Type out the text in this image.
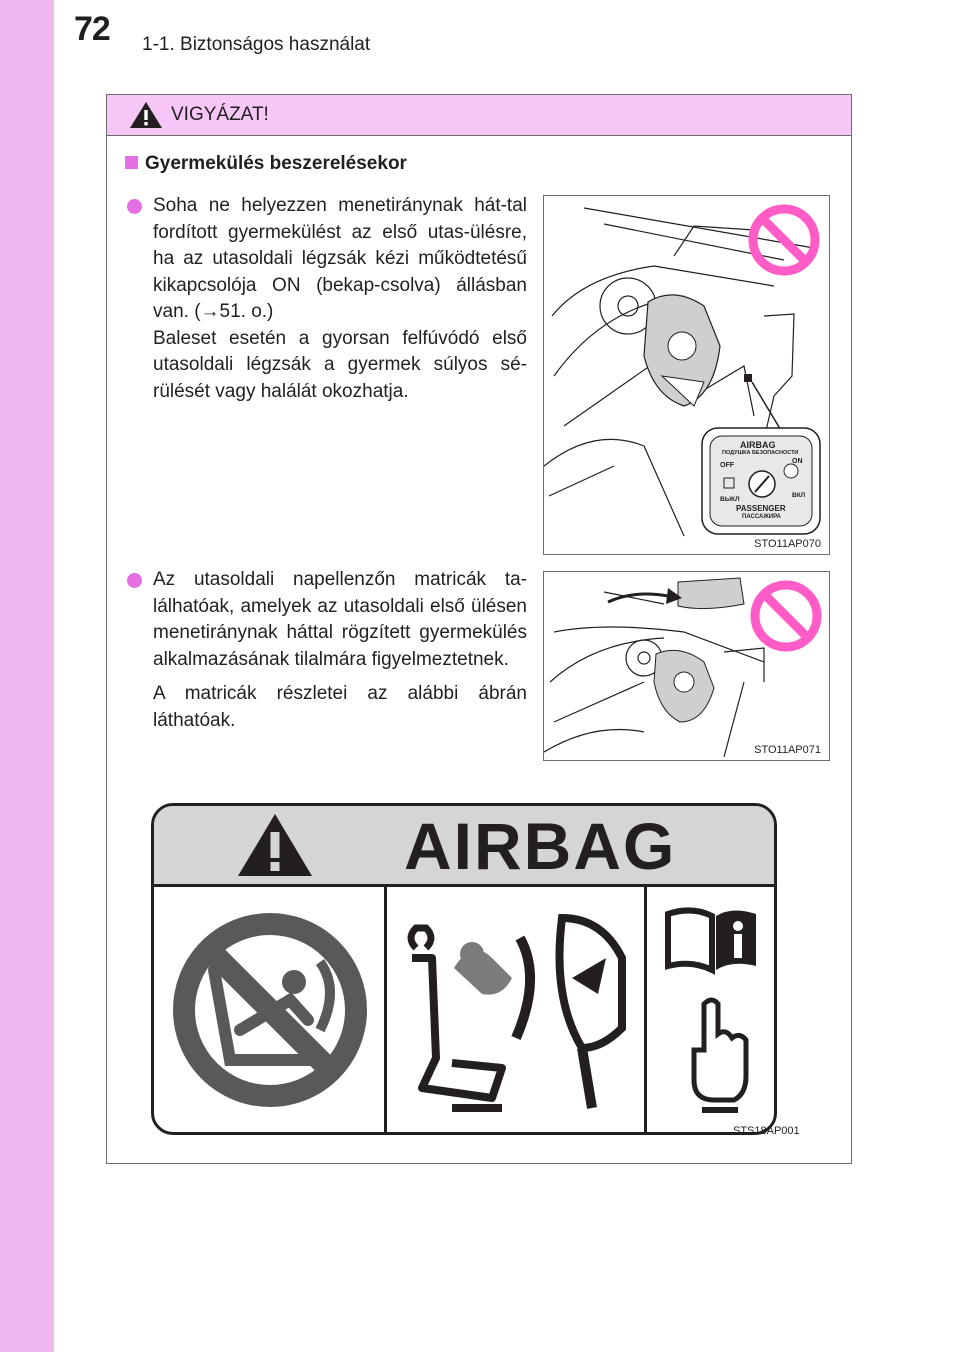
72 1-1. Biztonságos használat
VIGYÁZAT!
Gyermekülés beszerelésekor

Soha ne helyezzen menetiránynak hát-tal fordított gyermekülést az első utas-ülésre, ha az utasoldali légzsák kézi működtetésű kikapcsolója ON (bekap-csolva) állásban van. (→51. o.)

Baleset esetén a gyorsan felfúvódó első utasoldali légzsák a gyermek súlyos sé-rülését vagy halálát okozhatja.

Az utasoldali napellenzőn matricák ta-lálhatóak, amelyek az utasoldali első ülésen menetiránynak háttal rögzített gyermekülés alkalmazásának tilalmára figyelmeztetnek.

A matricák részletei az alábbi ábrán láthatóak.

AIRBAG
ПОДУШКА БЕЗОПАСНОСТИ
OFF
ON
ВЫКЛ
ВКЛ
PASSENGER
ПАССАЖИРА
STO11AP070
STO11AP071
AIRBAG
STS18AP001
